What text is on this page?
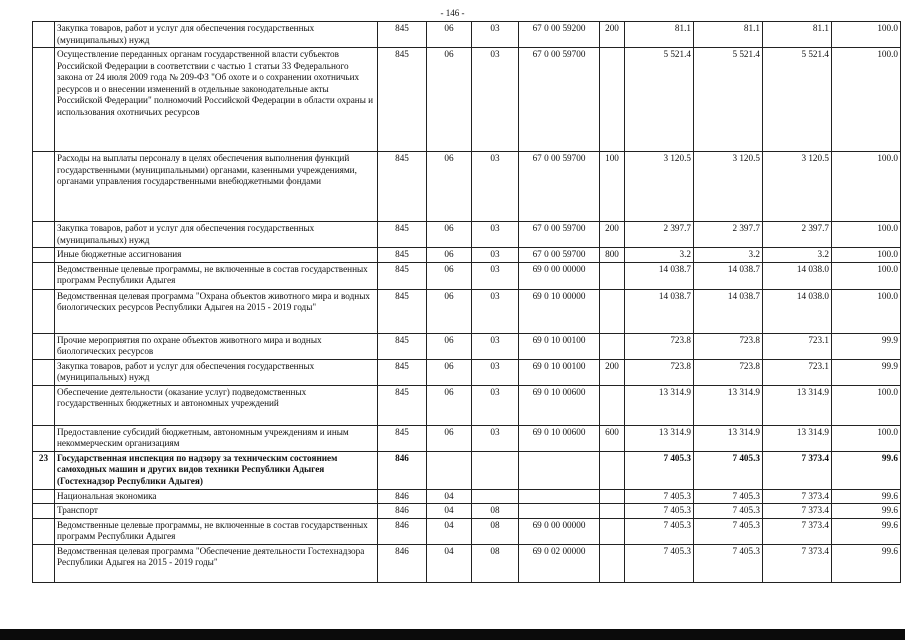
- 146 -
	Закупка товаров, работ и услуг для обеспечения государственных (муниципальных) нужд	845	06	03	67 0 00 59200	200	81.1	81.1	81.1	100.0
	Осуществление переданных органам государственной власти субъектов Российской Федерации в соответствии с частью 1 статьи 33 Федерального закона от 24 июля 2009 года № 209-ФЗ "Об охоте и о сохранении охотничьих ресурсов и о внесении изменений в отдельные законодательные акты Российской Федерации" полномочий Российской Федерации в области охраны и использования охотничьих ресурсов	845	06	03	67 0 00 59700		5 521.4	5 521.4	5 521.4	100.0
	Расходы на выплаты персоналу в целях обеспечения выполнения функций государственными (муниципальными) органами, казенными учреждениями, органами управления государственными внебюджетными фондами	845	06	03	67 0 00 59700	100	3 120.5	3 120.5	3 120.5	100.0
	Закупка товаров, работ и услуг для обеспечения государственных (муниципальных) нужд	845	06	03	67 0 00 59700	200	2 397.7	2 397.7	2 397.7	100.0
	Иные бюджетные ассигнования	845	06	03	67 0 00 59700	800	3.2	3.2	3.2	100.0
	Ведомственные целевые программы, не включенные в состав государственных программ Республики Адыгея	845	06	03	69 0 00 00000		14 038.7	14 038.7	14 038.0	100.0
	Ведомственная целевая программа "Охрана объектов животного мира и водных биологических ресурсов Республики Адыгея на 2015 - 2019 годы"	845	06	03	69 0 10 00000		14 038.7	14 038.7	14 038.0	100.0
	Прочие мероприятия по охране объектов животного мира и водных биологических ресурсов	845	06	03	69 0 10 00100		723.8	723.8	723.1	99.9
	Закупка товаров, работ и услуг для обеспечения государственных (муниципальных) нужд	845	06	03	69 0 10 00100	200	723.8	723.8	723.1	99.9
	Обеспечение деятельности (оказание услуг) подведомственных государственных бюджетных и автономных учреждений	845	06	03	69 0 10 00600		13 314.9	13 314.9	13 314.9	100.0
	Предоставление субсидий бюджетным, автономным учреждениям и иным некоммерческим организациям	845	06	03	69 0 10 00600	600	13 314.9	13 314.9	13 314.9	100.0
23	Государственная инспекция по надзору за техническим состоянием самоходных машин и других видов техники Республики Адыгея (Гостехнадзор Республики Адыгея)	846					7 405.3	7 405.3	7 373.4	99.6
	Национальная экономика	846	04				7 405.3	7 405.3	7 373.4	99.6
	Транспорт	846	04	08			7 405.3	7 405.3	7 373.4	99.6
	Ведомственные целевые программы, не включенные в состав государственных программ Республики Адыгея	846	04	08	69 0 00 00000		7 405.3	7 405.3	7 373.4	99.6
	Ведомственная целевая программа "Обеспечение деятельности Гостехнадзора Республики Адыгея на 2015 - 2019 годы"	846	04	08	69 0 02 00000		7 405.3	7 405.3	7 373.4	99.6
